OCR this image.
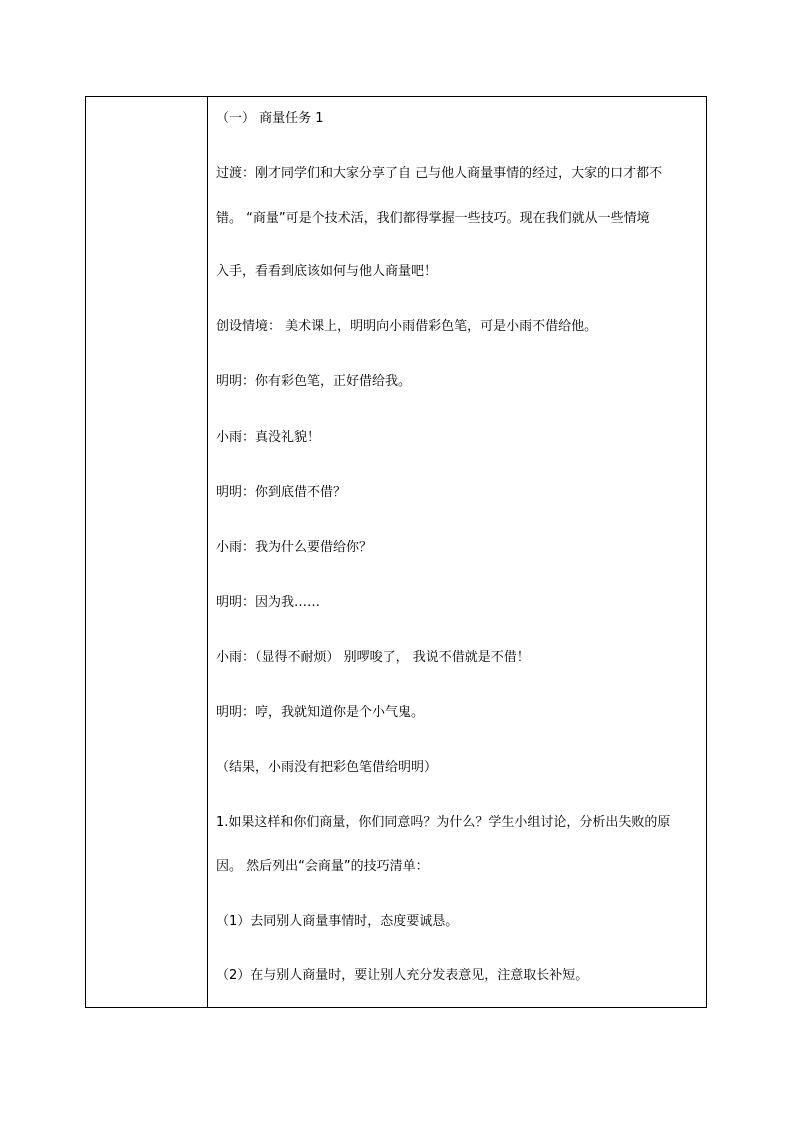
（一） 商量任务 1
过渡：刚才同学们和大家分享了自 己与他人商量事情的经过，大家的口才都不
错。 “商量”可是个技术活，我们都得掌握一些技巧。现在我们就从一些情境
入手，看看到底该如何与他人商量吧！
创设情境： 美术课上，明明向小雨借彩色笔，可是小雨不借给他。
明明：你有彩色笔，正好借给我。
小雨：真没礼貌！
明明：你到底借不借？
小雨：我为什么要借给你？
明明：因为我……
小雨：（显得不耐烦） 别啰唆了， 我说不借就是不借！
明明：哼，我就知道你是个小气鬼。
（结果，小雨没有把彩色笔借给明明）
1.如果这样和你们商量，你们同意吗？为什么？学生小组讨论，分析出失败的原
因。 然后列出“会商量”的技巧清单：
（1）去同别人商量事情时，态度要诚恳。
（2）在与别人商量时，要让别人充分发表意见，注意取长补短。
